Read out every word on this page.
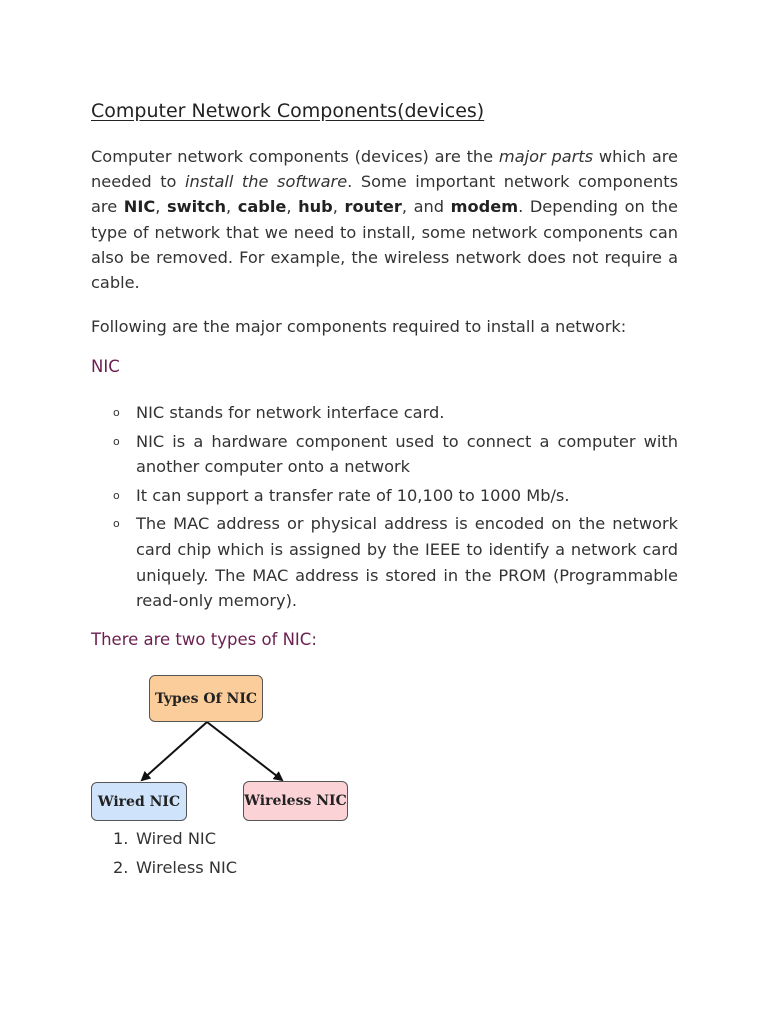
Computer Network Components(devices)

Computer network components (devices) are the major parts which are needed to install the software. Some important network components are NIC, switch, cable, hub, router, and modem. Depending on the type of network that we need to install, some network components can also be removed. For example, the wireless network does not require a cable.

Following are the major components required to install a network:
NIC
o NIC stands for network interface card.
o NIC is a hardware component used to connect a computer with another computer onto a network
o It can support a transfer rate of 10,100 to 1000 Mb/s.
o The MAC address or physical address is encoded on the network card chip which is assigned by the IEEE to identify a network card uniquely. The MAC address is stored in the PROM (Programmable read-only memory).
There are two types of NIC:
Types Of NIC
Wired NIC	Wireless NIC
1. Wired NIC
2. Wireless NIC
